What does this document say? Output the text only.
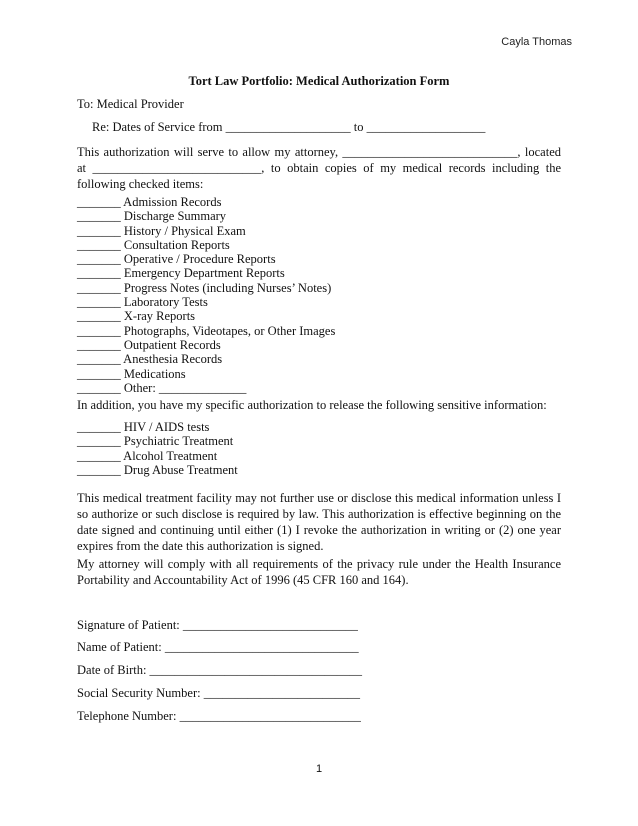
Cayla Thomas
Tort Law Portfolio: Medical Authorization Form
To: Medical Provider
Re: Dates of Service from ____________________ to ___________________
This authorization will serve to allow my attorney, ____________________________, located at ___________________________, to obtain copies of my medical records including the following checked items:
_______ Admission Records
_______ Discharge Summary
_______ History / Physical Exam
_______ Consultation Reports
_______ Operative / Procedure Reports
_______ Emergency Department Reports
_______ Progress Notes (including Nurses’ Notes)
_______ Laboratory Tests
_______ X-ray Reports
_______ Photographs, Videotapes, or Other Images
_______ Outpatient Records
_______ Anesthesia Records
_______ Medications
_______ Other: ______________
In addition, you have my specific authorization to release the following sensitive information:
_______ HIV / AIDS tests
_______ Psychiatric Treatment
_______ Alcohol Treatment
_______ Drug Abuse Treatment
This medical treatment facility may not further use or disclose this medical information unless I so authorize or such disclose is required by law. This authorization is effective beginning on the date signed and continuing until either (1) I revoke the authorization in writing or (2) one year expires from the date this authorization is signed.
My attorney will comply with all requirements of the privacy rule under the Health Insurance Portability and Accountability Act of 1996 (45 CFR 160 and 164).
Signature of Patient: ____________________________
Name of Patient: _______________________________
Date of Birth: __________________________________
Social Security Number: _________________________
Telephone Number: _____________________________
1
